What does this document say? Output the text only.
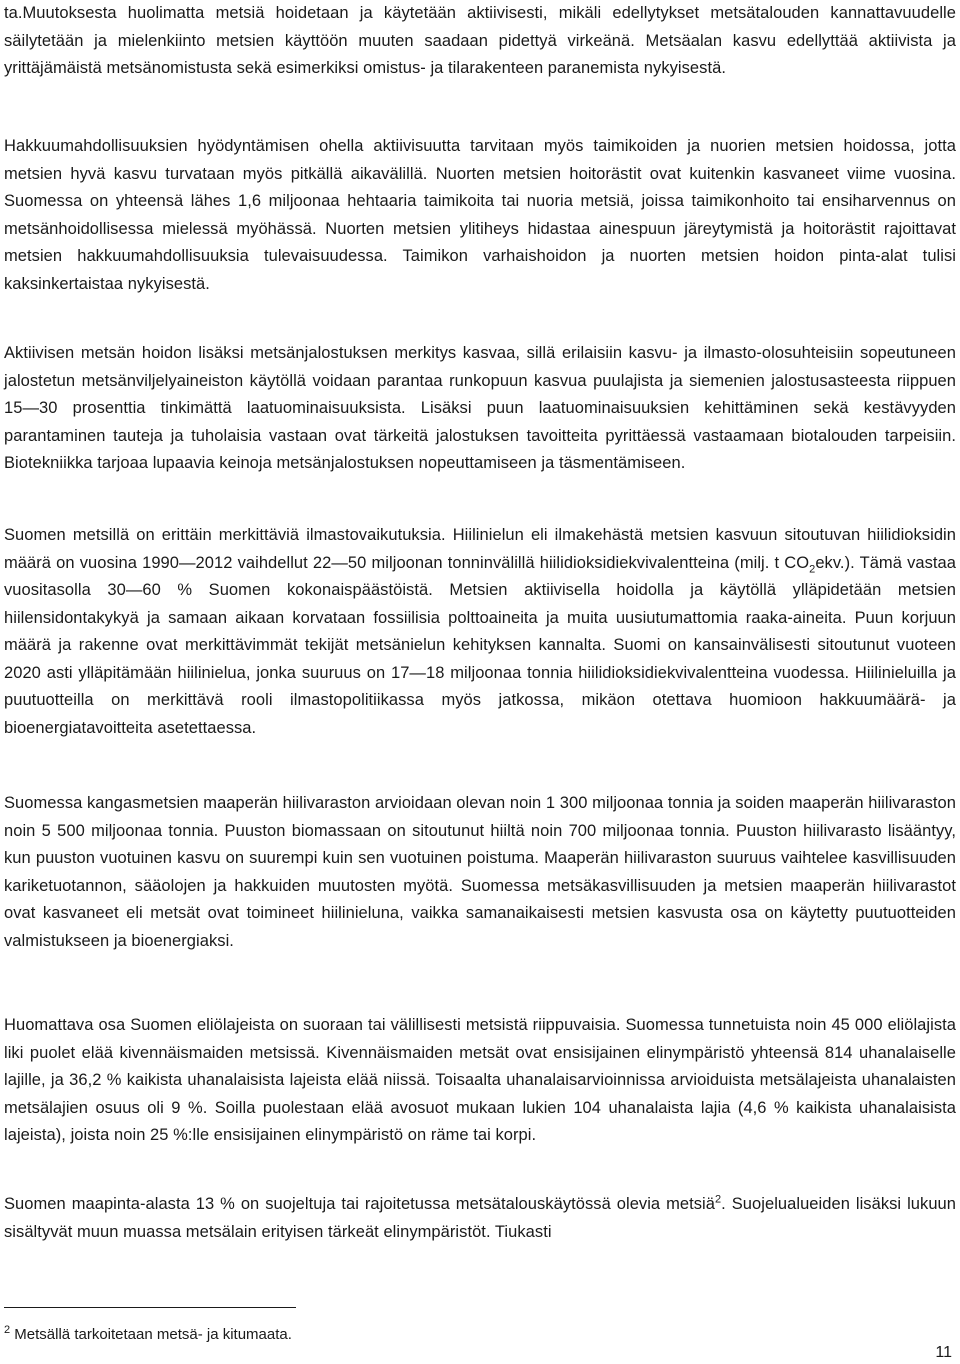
ta.Muutoksesta huolimatta metsiä hoidetaan ja käytetään aktiivisesti, mikäli edellytykset metsätalouden kannattavuudelle säilytetään ja mielenkiinto metsien käyttöön muuten saadaan pidettyä virkeänä. Metsäalan kasvu edellyttää aktiivista ja yrittäjämäistä metsänomistusta sekä esimerkiksi omistus- ja tilarakenteen paranemista nykyisestä.

Hakkuumahdollisuuksien hyödyntämisen ohella aktiivisuutta tarvitaan myös taimikoiden ja nuorien metsien hoidossa, jotta metsien hyvä kasvu turvataan myös pitkällä aikavälillä. Nuorten metsien hoitorästit ovat kuitenkin kasvaneet viime vuosina. Suomessa on yhteensä lähes 1,6 miljoonaa hehtaaria taimikoita tai nuoria metsiä, joissa taimikonhoito tai ensiharvennus on metsänhoidollisessa mielessä myöhässä. Nuorten metsien ylitiheys hidastaa ainespuun järeytymistä ja hoitorästit rajoittavat metsien hakkuumahdollisuuksia tulevaisuudessa. Taimikon varhaishoidon ja nuorten metsien hoidon pinta-alat tulisi kaksinkertaistaa nykyisestä.

Aktiivisen metsän hoidon lisäksi metsänjalostuksen merkitys kasvaa, sillä erilaisiin kasvu- ja ilmasto-olosuhteisiin sopeutuneen jalostetun metsänviljelyaineiston käytöllä voidaan parantaa runkopuun kasvua puulajista ja siemenien jalostusasteesta riippuen 15—30 prosenttia tinkimättä laatuominaisuuksista. Lisäksi puun laatuominaisuuksien kehittäminen sekä kestävyyden parantaminen tauteja ja tuholaisia vastaan ovat tärkeitä jalostuksen tavoitteita pyrittäessä vastaamaan biotalouden tarpeisiin. Biotekniikka tarjoaa lupaavia keinoja metsänjalostuksen nopeuttamiseen ja täsmentämiseen.

Suomen metsillä on erittäin merkittäviä ilmastovaikutuksia. Hiilinielun eli ilmakehästä metsien kasvuun sitoutuvan hiilidioksidin määrä on vuosina 1990—2012 vaihdellut 22—50 miljoonan tonninvälillä hiilidioksidiekvivalentteina (milj. t $CO_2ekv$.). Tämä vastaa vuositasolla 30—60 % Suomen kokonaispäästöistä. Metsien aktiivisella hoidolla ja käytöllä ylläpidetään metsien hiilensidontakykyä ja samaan aikaan korvataan fossiilisia polttoaineita ja muita uusiutumattomia raaka-aineita. Puun korjuun määrä ja rakenne ovat merkittävimmät tekijät metsänielun kehityksen kannalta. Suomi on kansainvälisesti sitoutunut vuoteen 2020 asti ylläpitämään hiilinielua, jonka suuruus on 17—18 miljoonaa tonnia hiilidioksidiekvivalentteina vuodessa. Hiilinieluilla ja puutuotteilla on merkittävä rooli ilmastopolitiikassa myös jatkossa, mikäon otettava huomioon hakkuumäärä- ja bioenergiatavoitteita asetettaessa.

Suomessa kangasmetsien maaperän hiilivaraston arvioidaan olevan noin 1 300 miljoonaa tonnia ja soiden maaperän hiilivaraston noin 5 500 miljoonaa tonnia. Puuston biomassaan on sitoutunut hiiltä noin 700 miljoonaa tonnia. Puuston hiilivarasto lisääntyy, kun puuston vuotuinen kasvu on suurempi kuin sen vuotuinen poistuma. Maaperän hiilivaraston suuruus vaihtelee kasvillisuuden kariketuotannon, sääolojen ja hakkuiden muutosten myötä. Suomessa metsäkasvillisuuden ja metsien maaperän hiilivarastot ovat kasvaneet eli metsät ovat toimineet hiilinieluna, vaikka samanaikaisesti metsien kasvusta osa on käytetty puutuotteiden valmistukseen ja bioenergiaksi.

Huomattava osa Suomen eliölajeista on suoraan tai välillisesti metsistä riippuvaisia. Suomessa tunnetuista noin 45 000 eliölajista liki puolet elää kivennäismaiden metsissä. Kivennäismaiden metsät ovat ensisijainen elinympäristö yhteensä 814 uhanalaiselle lajille, ja 36,2 % kaikista uhanalaisista lajeista elää niissä. Toisaalta uhanalaisarvioinnissa arvioiduista metsälajeista uhanalaisten metsälajien osuus oli 9 %. Soilla puolestaan elää avosuot mukaan lukien 104 uhanalaista lajia (4,6 % kaikista uhanalaisista lajeista), joista noin 25 %:lle ensisijainen elinympäristö on räme tai korpi.

Suomen maapinta-alasta 13 % on suojeltuja tai rajoitetussa metsätalouskäytössä olevia metsiä$^2$. Suojelualueiden lisäksi lukuun sisältyvät muun muassa metsälain erityisen tärkeät elinympäristöt. Tiukasti

$^2$ Metsällä tarkoitetaan metsä- ja kitumaata.
11
